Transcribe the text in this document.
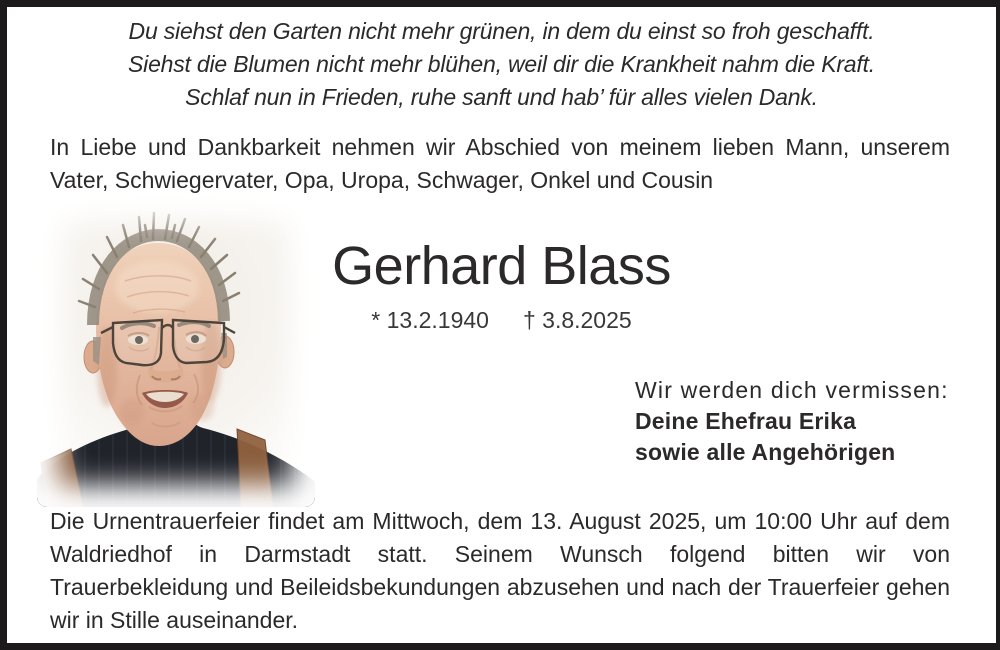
Du siehst den Garten nicht mehr grünen, in dem du einst so froh geschafft.
Siehst die Blumen nicht mehr blühen, weil dir die Krankheit nahm die Kraft.
Schlaf nun in Frieden, ruhe sanft und hab’ für alles vielen Dank.
In Liebe und Dankbarkeit nehmen wir Abschied von meinem lieben Mann, unserem
Vater, Schwiegervater, Opa, Uropa, Schwager, Onkel und Cousin
Gerhard Blass
* 13.2.1940 † 3.8.2025
Wir werden dich vermissen:
Deine Ehefrau Erika
sowie alle Angehörigen
Die Urnentrauerfeier findet am Mittwoch, dem 13. August 2025, um 10:00 Uhr auf dem
Waldriedhof in Darmstadt statt. Seinem Wunsch folgend bitten wir von
Trauerbekleidung und Beileidsbekundungen abzusehen und nach der Trauerfeier gehen
wir in Stille auseinander.
